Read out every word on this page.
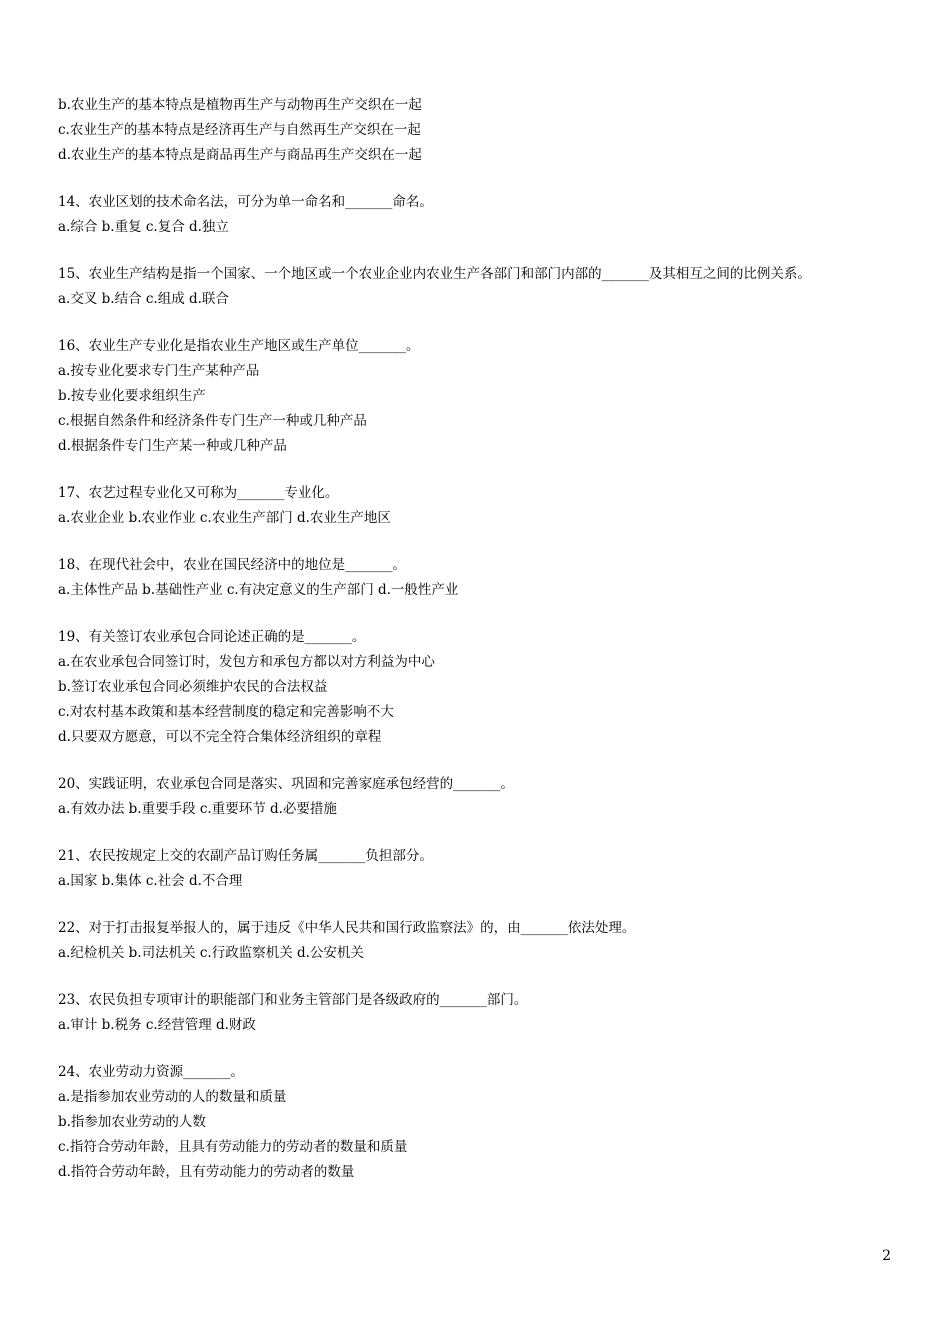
b.农业生产的基本特点是植物再生产与动物再生产交织在一起
c.农业生产的基本特点是经济再生产与自然再生产交织在一起
d.农业生产的基本特点是商品再生产与商品再生产交织在一起
14、农业区划的技术命名法，可分为单一命名和_______命名。
a.综合 b.重复 c.复合 d.独立
15、农业生产结构是指一个国家、一个地区或一个农业企业内农业生产各部门和部门内部的_______及其相互之间的比例关系。
a.交叉 b.结合 c.组成 d.联合
16、农业生产专业化是指农业生产地区或生产单位_______。
a.按专业化要求专门生产某种产品
b.按专业化要求组织生产
c.根据自然条件和经济条件专门生产一种或几种产品
d.根据条件专门生产某一种或几种产品
17、农艺过程专业化又可称为_______专业化。
a.农业企业 b.农业作业 c.农业生产部门 d.农业生产地区
18、在现代社会中，农业在国民经济中的地位是_______。
a.主体性产品 b.基础性产业 c.有决定意义的生产部门 d.一般性产业
19、有关签订农业承包合同论述正确的是_______。
a.在农业承包合同签订时，发包方和承包方都以对方利益为中心
b.签订农业承包合同必须维护农民的合法权益
c.对农村基本政策和基本经营制度的稳定和完善影响不大
d.只要双方愿意，可以不完全符合集体经济组织的章程
20、实践证明，农业承包合同是落实、巩固和完善家庭承包经营的_______。
a.有效办法 b.重要手段 c.重要环节 d.必要措施
21、农民按规定上交的农副产品订购任务属_______负担部分。
a.国家 b.集体 c.社会 d.不合理
22、对于打击报复举报人的，属于违反《中华人民共和国行政监察法》的，由_______依法处理。
a.纪检机关 b.司法机关 c.行政监察机关 d.公安机关
23、农民负担专项审计的职能部门和业务主管部门是各级政府的_______部门。
a.审计 b.税务 c.经营管理 d.财政
24、农业劳动力资源_______。
a.是指参加农业劳动的人的数量和质量
b.指参加农业劳动的人数
c.指符合劳动年龄，且具有劳动能力的劳动者的数量和质量
d.指符合劳动年龄，且有劳动能力的劳动者的数量
2
